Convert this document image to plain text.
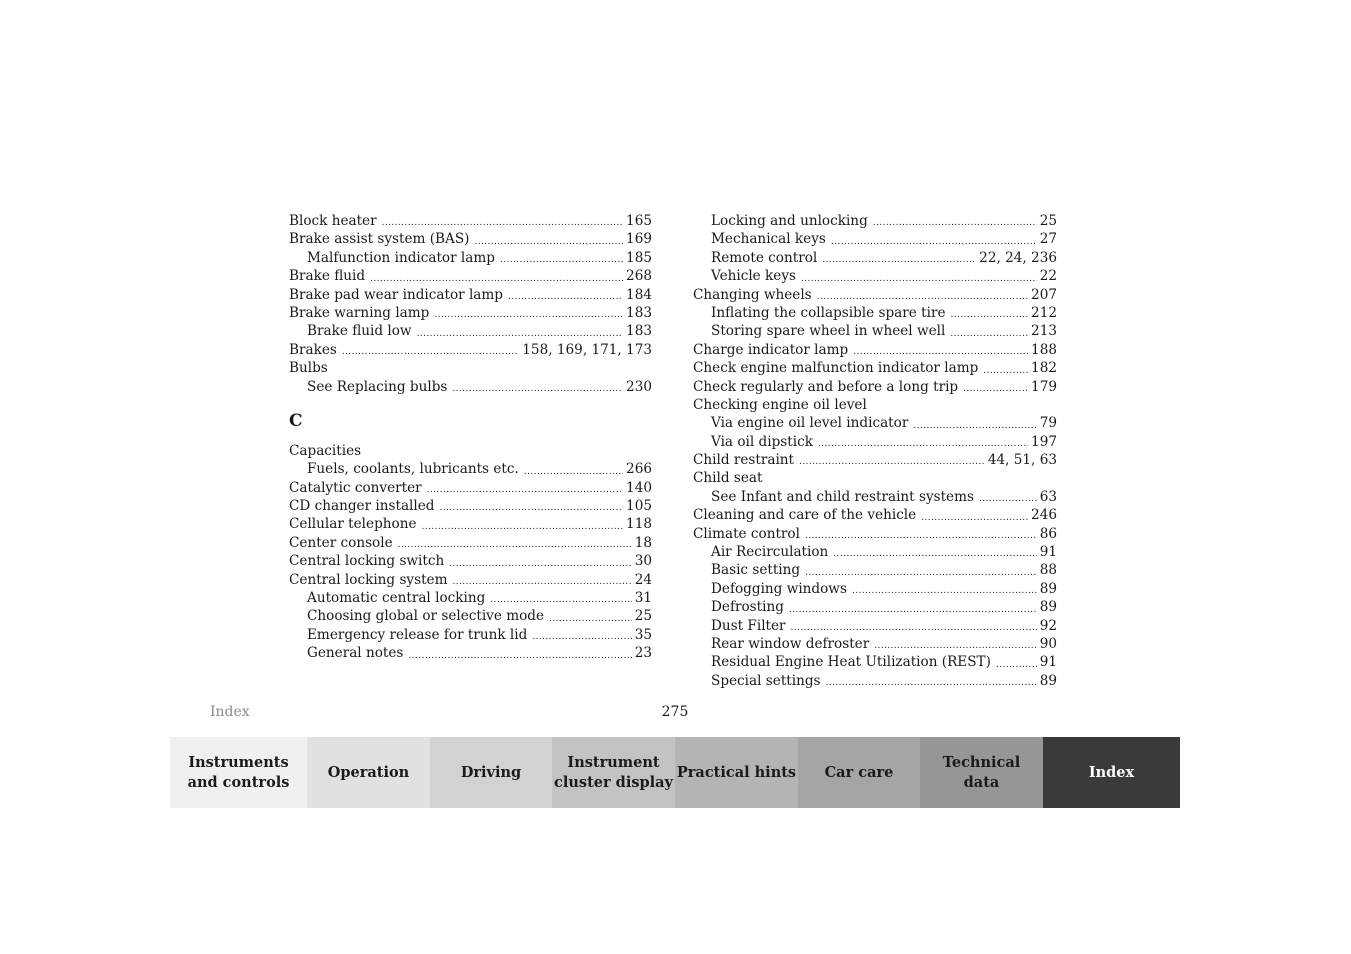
Block heater .....	165
Brake assist system (BAS) .....	169
Malfunction indicator lamp .....	185
Brake fluid .....	268
Brake pad wear indicator lamp .....	184
Brake warning lamp .....	183
Brake fluid low .....	183
Brakes .....	158, 169, 171, 173
Bulbs
See Replacing bulbs .....	230
C
Capacities
Fuels, coolants, lubricants etc. .....	266
Catalytic converter .....	140
CD changer installed .....	105
Cellular telephone .....	118
Center console .....	18
Central locking switch .....	30
Central locking system .....	24
Automatic central locking .....	31
Choosing global or selective mode .....	25
Emergency release for trunk lid .....	35
General notes .....	23
Locking and unlocking .....	25
Mechanical keys .....	27
Remote control .....	22, 24, 236
Vehicle keys .....	22
Changing wheels .....	207
Inflating the collapsible spare tire .....	212
Storing spare wheel in wheel well .....	213
Charge indicator lamp .....	188
Check engine malfunction indicator lamp .....	182
Check regularly and before a long trip .....	179
Checking engine oil level
Via engine oil level indicator .....	79
Via oil dipstick .....	197
Child restraint .....	44, 51, 63
Child seat
See Infant and child restraint systems .....	63
Cleaning and care of the vehicle .....	246
Climate control .....	86
Air Recirculation .....	91
Basic setting .....	88
Defogging windows .....	89
Defrosting .....	89
Dust Filter .....	92
Rear window defroster .....	90
Residual Engine Heat Utilization (REST) .....	91
Special settings .....	89
Index	275
Instruments
and controls
Operation	Driving
Instrument
cluster display
Practical hints	Car care
Technical
data
Index
